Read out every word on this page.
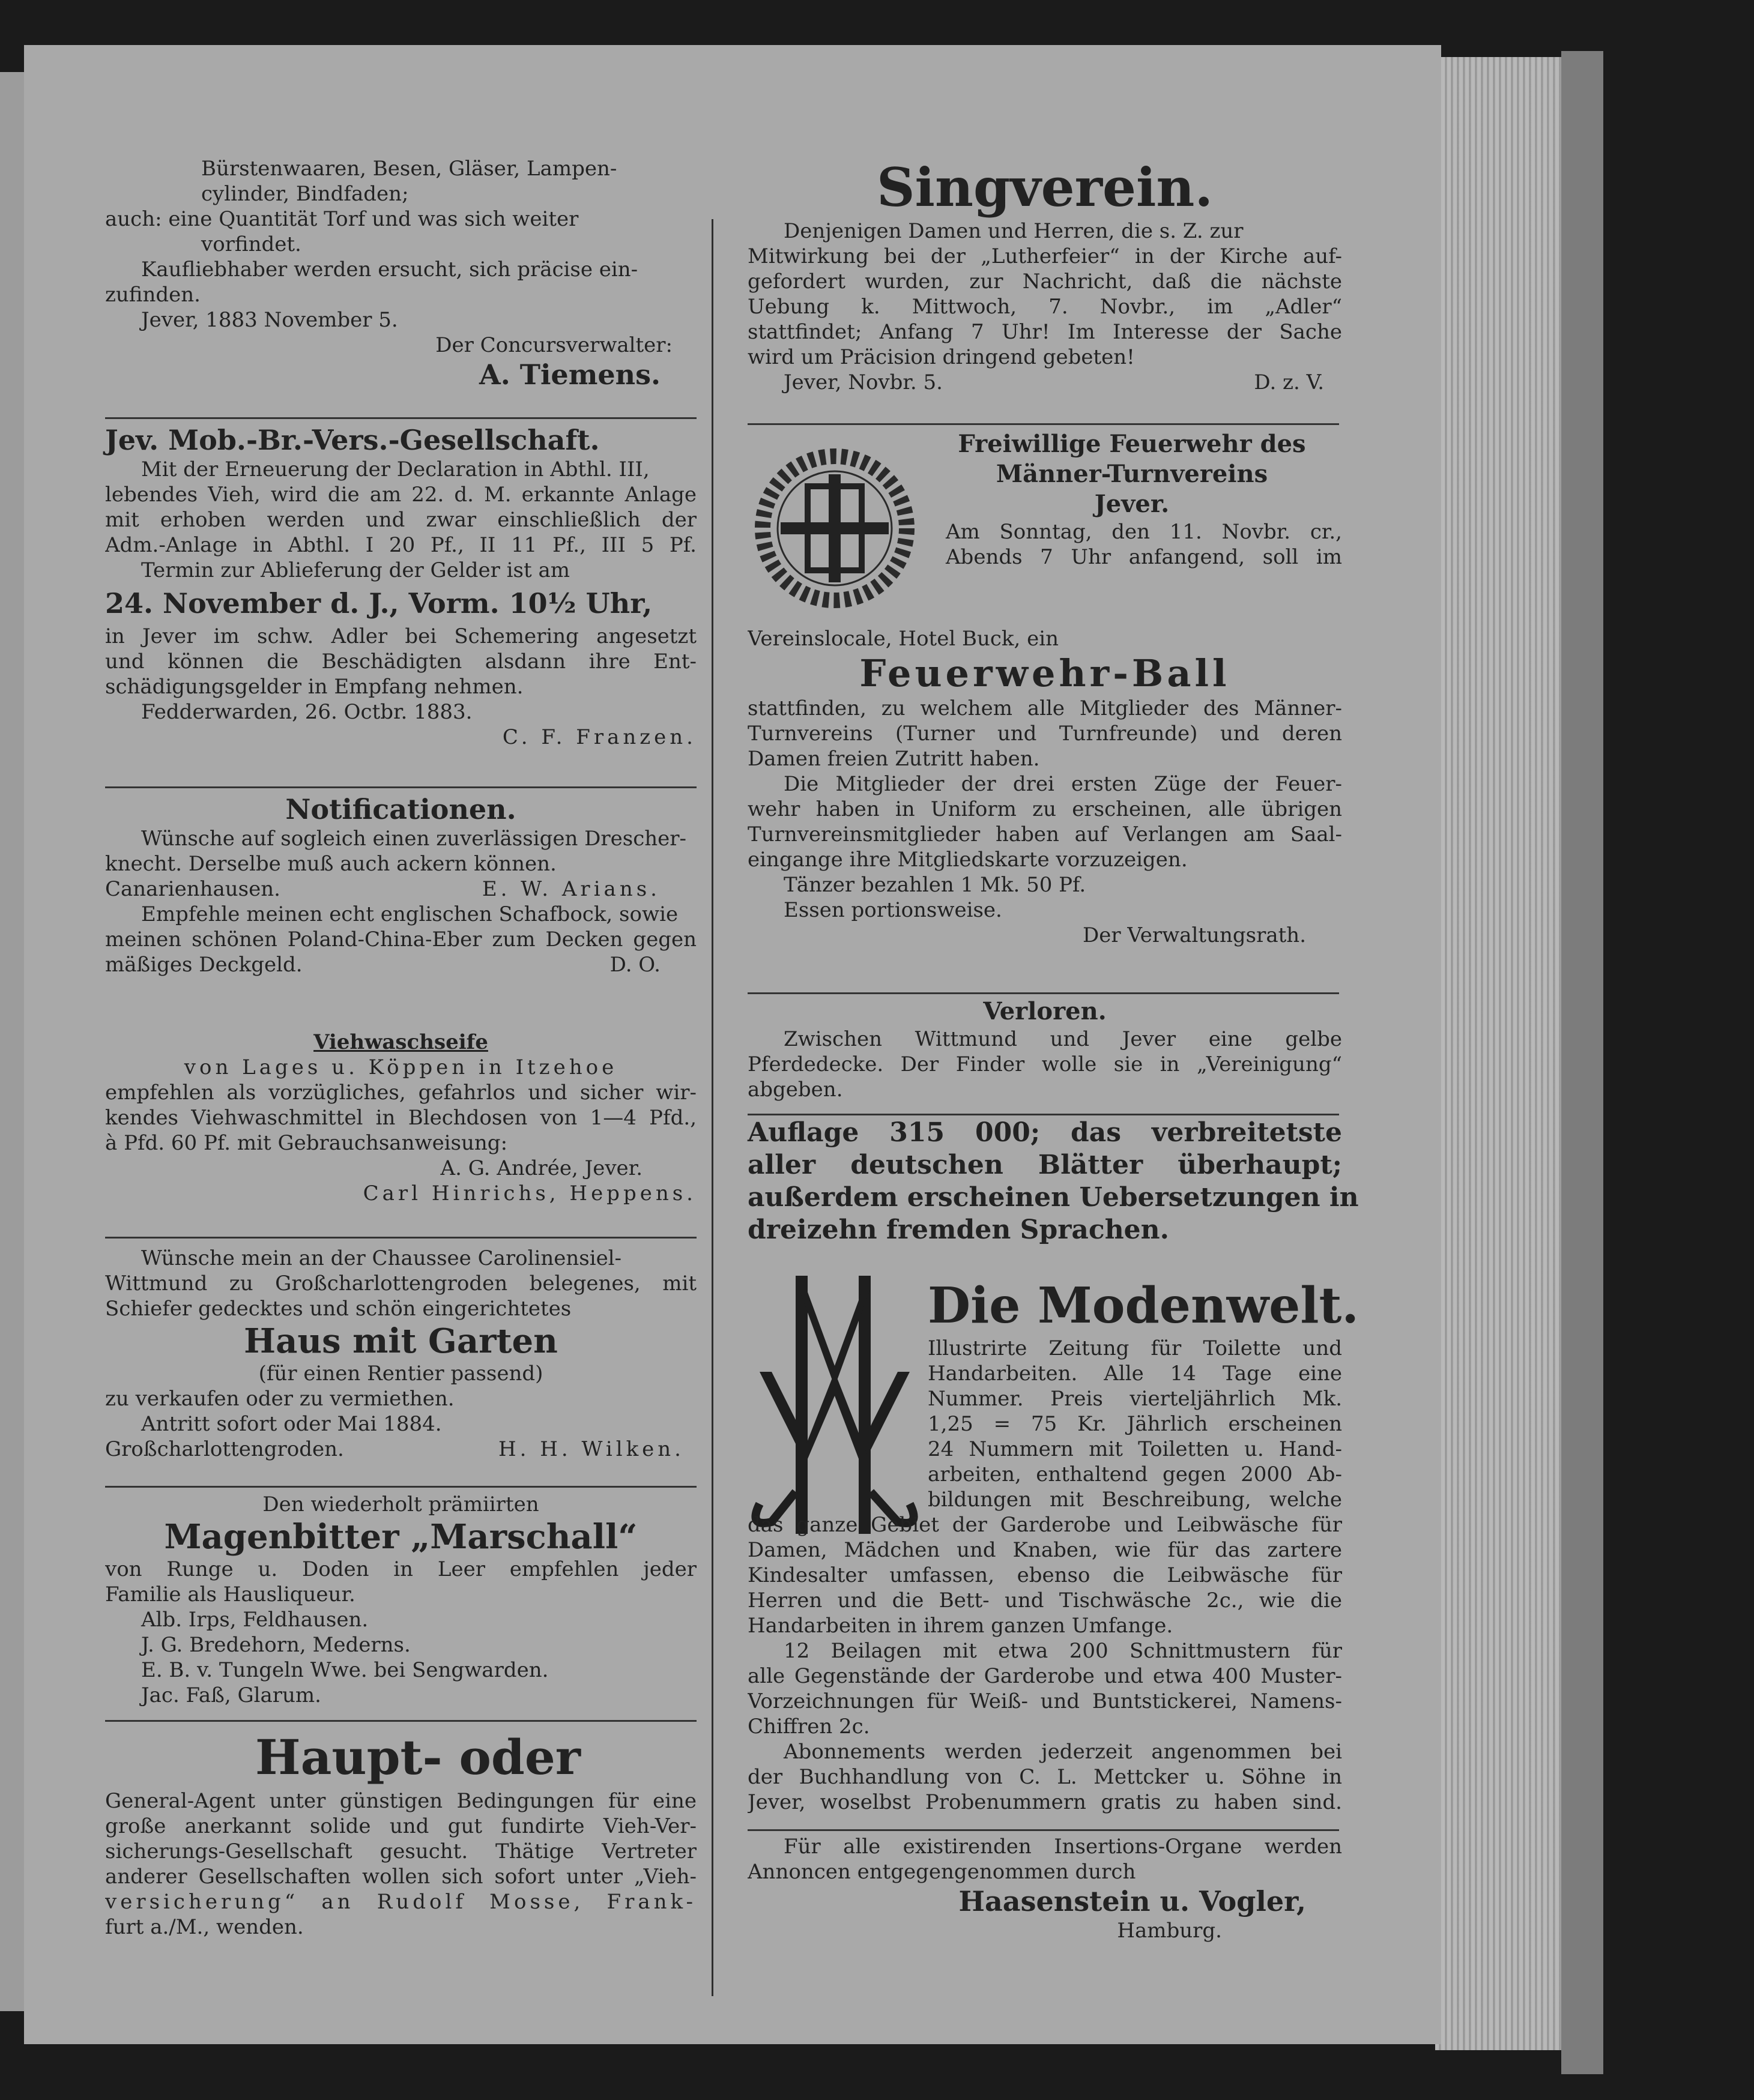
Bürstenwaaren, Besen, Gläser, Lampen-
cylinder, Bindfaden;
auch: eine Quantität Torf und was sich weiter
vorfindet.
Kaufliebhaber werden ersucht, sich präcise ein-
zufinden.
Jever, 1883 November 5.
Der Concursverwalter:
A. Tiemens.
Jev. Mob.-Br.-Vers.-Gesellschaft.
Mit der Erneuerung der Declaration in Abthl. III,
lebendes Vieh, wird die am 22. d. M. erkannte Anlage
mit erhoben werden und zwar einschließlich der
Adm.-Anlage in Abthl. I 20 Pf., II 11 Pf., III 5 Pf.
Termin zur Ablieferung der Gelder ist am
24. November d. J., Vorm. 10½ Uhr,
in Jever im schw. Adler bei Schemering angesetzt
und können die Beschädigten alsdann ihre Ent-
schädigungsgelder in Empfang nehmen.
Fedderwarden, 26. Octbr. 1883.
C. F. Franzen.
Notificationen.
Wünsche auf sogleich einen zuverlässigen Drescher-
knecht. Derselbe muß auch ackern können.
Canarienhausen.	E. W. Arians.
Empfehle meinen echt englischen Schafbock, sowie
meinen schönen Poland-China-Eber zum Decken gegen
mäßiges Deckgeld.	D. O.
Viehwaschseife
von Lages u. Köppen in Itzehoe
empfehlen als vorzügliches, gefahrlos und sicher wir-
kendes Viehwaschmittel in Blechdosen von 1—4 Pfd.,
à Pfd. 60 Pf. mit Gebrauchsanweisung:
A. G. Andrée, Jever.
Carl Hinrichs, Heppens.
Wünsche mein an der Chaussee Carolinensiel-
Wittmund zu Großcharlottengroden belegenes, mit
Schiefer gedecktes und schön eingerichtetes
Haus mit Garten
(für einen Rentier passend)
zu verkaufen oder zu vermiethen.
Antritt sofort oder Mai 1884.
Großcharlottengroden.	H. H. Wilken.
Den wiederholt prämiirten
Magenbitter „Marschall“
von Runge u. Doden in Leer empfehlen jeder
Familie als Hausliqueur.
Alb. Irps, Feldhausen.
J. G. Bredehorn, Mederns.
E. B. v. Tungeln Wwe. bei Sengwarden.
Jac. Faß, Glarum.
Haupt- oder
General-Agent unter günstigen Bedingungen für eine
große anerkannt solide und gut fundirte Vieh-Ver-
sicherungs-Gesellschaft gesucht. Thätige Vertreter
anderer Gesellschaften wollen sich sofort unter „Vieh-
versicherung“ an Rudolf Mosse, Frank-
furt a./M., wenden.
Singverein.
Denjenigen Damen und Herren, die s. Z. zur
Mitwirkung bei der „Lutherfeier“ in der Kirche auf-
gefordert wurden, zur Nachricht, daß die nächste
Uebung k. Mittwoch, 7. Novbr., im „Adler“
stattfindet; Anfang 7 Uhr! Im Interesse der Sache
wird um Präcision dringend gebeten!
Jever, Novbr. 5.	D. z. V.
Freiwillige Feuerwehr des
Männer-Turnvereins
Jever.
Am Sonntag, den 11. Novbr. cr.,
Abends 7 Uhr anfangend, soll im
Vereinslocale, Hotel Buck, ein
Feuerwehr-Ball
stattfinden, zu welchem alle Mitglieder des Männer-
Turnvereins (Turner und Turnfreunde) und deren
Damen freien Zutritt haben.
Die Mitglieder der drei ersten Züge der Feuer-
wehr haben in Uniform zu erscheinen, alle übrigen
Turnvereinsmitglieder haben auf Verlangen am Saal-
eingange ihre Mitgliedskarte vorzuzeigen.
Tänzer bezahlen 1 Mk. 50 Pf.
Essen portionsweise.
Der Verwaltungsrath.
Verloren.
Zwischen Wittmund und Jever eine gelbe
Pferdedecke. Der Finder wolle sie in „Vereinigung“
abgeben.
Auflage 315 000; das verbreitetste
aller deutschen Blätter überhaupt;
außerdem erscheinen Uebersetzungen in
dreizehn fremden Sprachen.
Die Modenwelt.
Illustrirte Zeitung für Toilette und
Handarbeiten. Alle 14 Tage eine
Nummer. Preis vierteljährlich Mk.
1,25 = 75 Kr. Jährlich erscheinen
24 Nummern mit Toiletten u. Hand-
arbeiten, enthaltend gegen 2000 Ab-
bildungen mit Beschreibung, welche
das ganze Gebiet der Garderobe und Leibwäsche für
Damen, Mädchen und Knaben, wie für das zartere
Kindesalter umfassen, ebenso die Leibwäsche für
Herren und die Bett- und Tischwäsche 2c., wie die
Handarbeiten in ihrem ganzen Umfange.
12 Beilagen mit etwa 200 Schnittmustern für
alle Gegenstände der Garderobe und etwa 400 Muster-
Vorzeichnungen für Weiß- und Buntstickerei, Namens-
Chiffren 2c.
Abonnements werden jederzeit angenommen bei
der Buchhandlung von C. L. Mettcker u. Söhne in
Jever, woselbst Probenummern gratis zu haben sind.
Für alle existirenden Insertions-Organe werden
Annoncen entgegengenommen durch
Haasenstein u. Vogler,
Hamburg.
